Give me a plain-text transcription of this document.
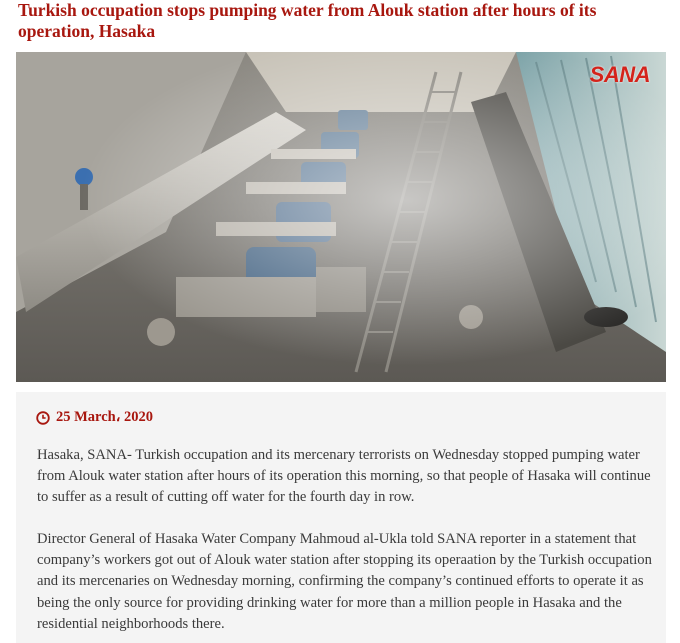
Turkish occupation stops pumping water from Alouk station after hours of its operation, Hasaka
SANA
25 March، 2020

Hasaka, SANA- Turkish occupation and its mercenary terrorists on Wednesday stopped pumping water from Alouk water station after hours of its operation this morning, so that people of Hasaka will continue to suffer as a result of cutting off water for the fourth day in row.

Director General of Hasaka Water Company Mahmoud al-Ukla told SANA reporter in a statement that company’s workers got out of Alouk water station after stopping its operaation by the Turkish occupation and its mercenaries on Wednesday morning, confirming the company’s continued efforts to operate it as being the only source for providing drinking water for more than a million people in Hasaka and the residential neighborhoods there.
